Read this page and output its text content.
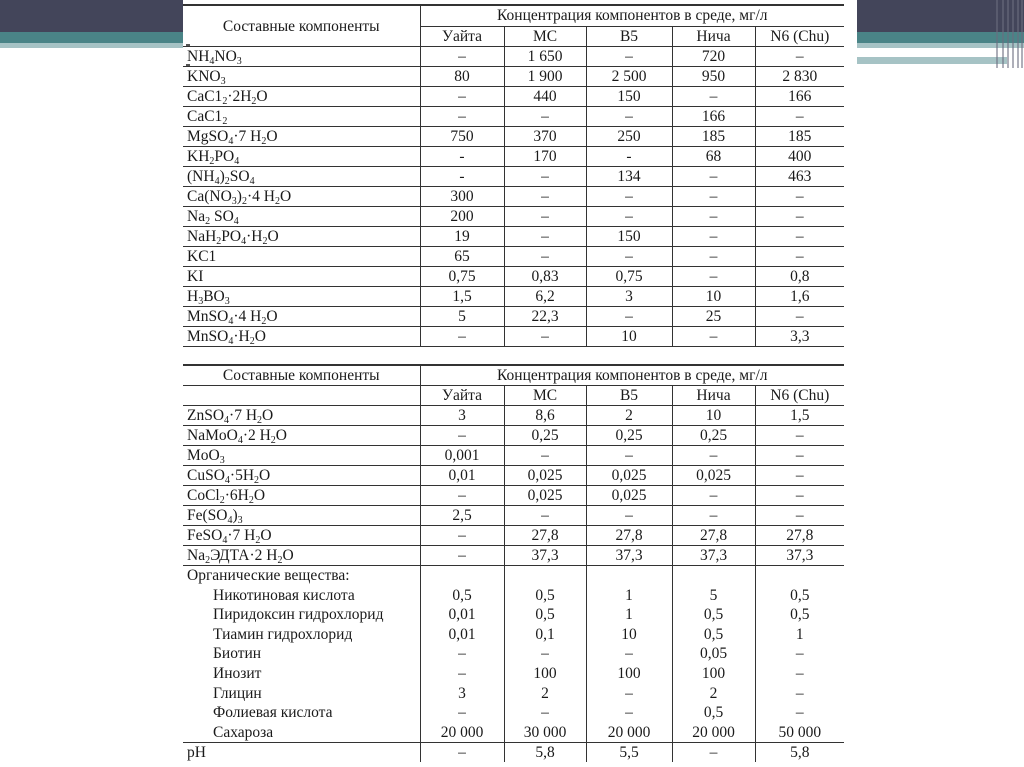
Составные компоненты	Концентрация компонентов в среде, мг/л				
	Уайта	МС	В5	Нича	N6 (Chu)
$NH_4NO_3$	–	1 650	–	720	–
$KNO_3$	80	1 900	2 500	950	2 830
$CaC1_2\cdot 2H_2O$	–	440	150	–	166
$CaC1_2$	–	–	–	166	–
MgSO$_4$·7 $H_2O$	750	370	250	185	185
$KH_2PO_4$	-	170	-	68	400
$(NH_4)_2SO_4$	-	–	134	–	463
$Ca(NO_3)_2\cdot 4$ $H_2O$	300	–	–	–	–
$Na_2$ $SO_4$	200	–	–	–	–
$NaH_2PO_4\cdot H_2O$	19	–	150	–	–
KC1	65	–	–	–	–
KI	0,75	0,83	0,75	–	0,8
$H_3BO_3$	1,5	6,2	3	10	1,6
MnSO$_4$·4 $H_2O$	5	22,3	–	25	–
$MnSO_4\cdot H_2O$	–	–	10	–	3,3
Составные компоненты	Концентрация компонентов в среде, мг/л				
	Уайта	МС	В5	Нича	N6 (Chu)
ZnSO$_4$·7 $H_2O$	3	8,6	2	10	1,5
NaMoO$_4$·2 $H_2O$	–	0,25	0,25	0,25	–
MoO$_3$	0,001	–	–	–	–
$CuSO_4\cdot 5H_2O$	0,01	0,025	0,025	0,025	–
$CoCl_2\cdot 6H_2O$	–	0,025	0,025	–	–
$Fe(SO_4)_3$	2,5	–	–	–	–
FeSO$_4$·7 $H_2O$	–	27,8	27,8	27,8	27,8
$Na_2ЭДТА\cdot 2$ $H_2O$	–	37,3	37,3	37,3	37,3
Органические вещества:					
Никотиновая кислота	0,5	0,5	1	5	0,5
Пиридоксин гидрохлорид	0,01	0,5	1	0,5	0,5
Тиамин гидрохлорид	0,01	0,1	10	0,5	1
Биотин	–	–	–	0,05	–
Инозит	–	100	100	100	–
Глицин	3	2	–	2	–
Фолиевая кислота	–	–	–	0,5	–
Сахароза	20 000	30 000	20 000	20 000	50 000
pH	–	5,8	5,5	–	5,8
